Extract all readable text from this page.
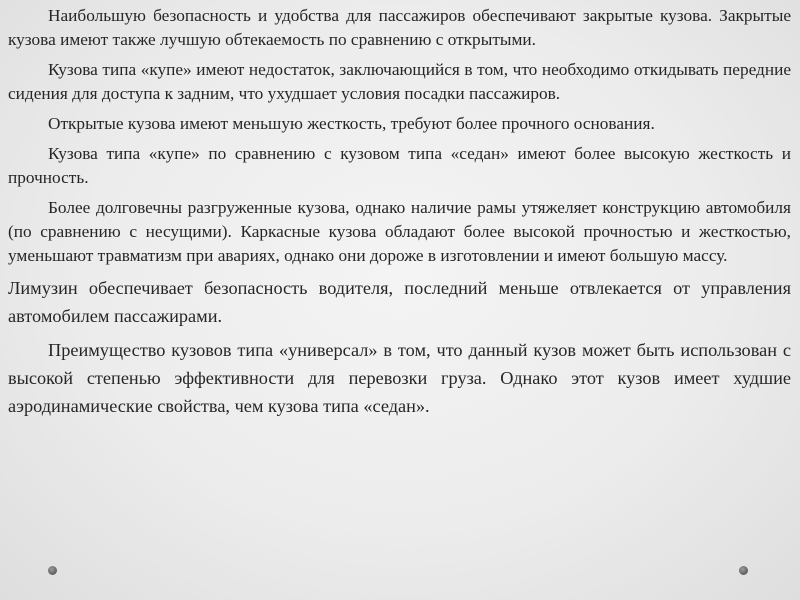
Наибольшую безопасность и удобства для пассажиров обеспечивают закрытые кузова. Закрытые кузова имеют также лучшую обтекаемость по сравнению с открытыми.

Кузова типа «купе» имеют недостаток, заключающийся в том, что необходимо откидывать передние сидения для доступа к задним, что ухудшает условия посадки пассажиров.

Открытые кузова имеют меньшую жесткость, требуют более прочного основания.

Кузова типа «купе» по сравнению с кузовом типа «седан» имеют более высокую жесткость и прочность.

Более долговечны разгруженные кузова, однако наличие рамы утяжеляет конструкцию автомобиля (по сравнению с несущими). Каркасные кузова обладают более высокой прочностью и жесткостью, уменьшают травматизм при авариях, однако они дороже в изготовлении и имеют большую массу.

Лимузин обеспечивает безопасность водителя, последний меньше отвлекается от управления автомобилем пассажирами.

Преимущество кузовов типа «универсал» в том, что данный кузов может быть использован с высокой степенью эффективности для перевозки груза. Однако этот кузов имеет худшие аэродинамические свойства, чем кузова типа «седан».
